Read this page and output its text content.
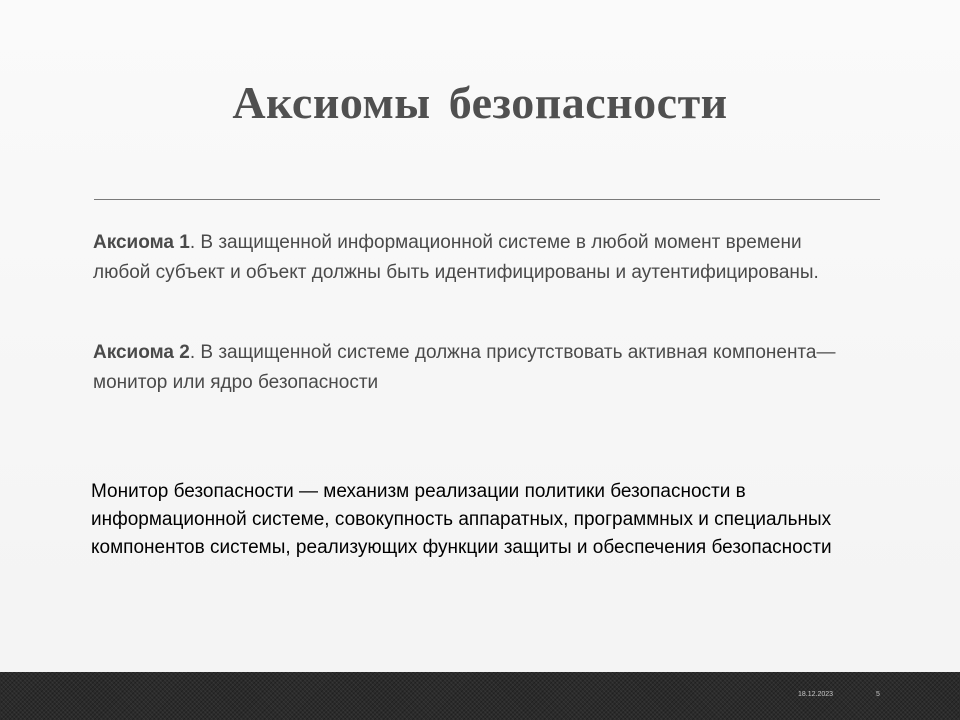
Аксиомы безопасности

Аксиома 1. В защищенной информационной системе в любой момент времени любой субъект и объект должны быть идентифицированы и аутентифицированы.

Аксиома 2. В защищенной системе должна присутствовать активная компонента— монитор или ядро безопасности

Монитор безопасности — механизм реализации политики безопасности в информационной системе, совокупность аппаратных, программных и специальных компонентов системы, реализующих функции защиты и обеспечения безопасности

18.12.2023	5
